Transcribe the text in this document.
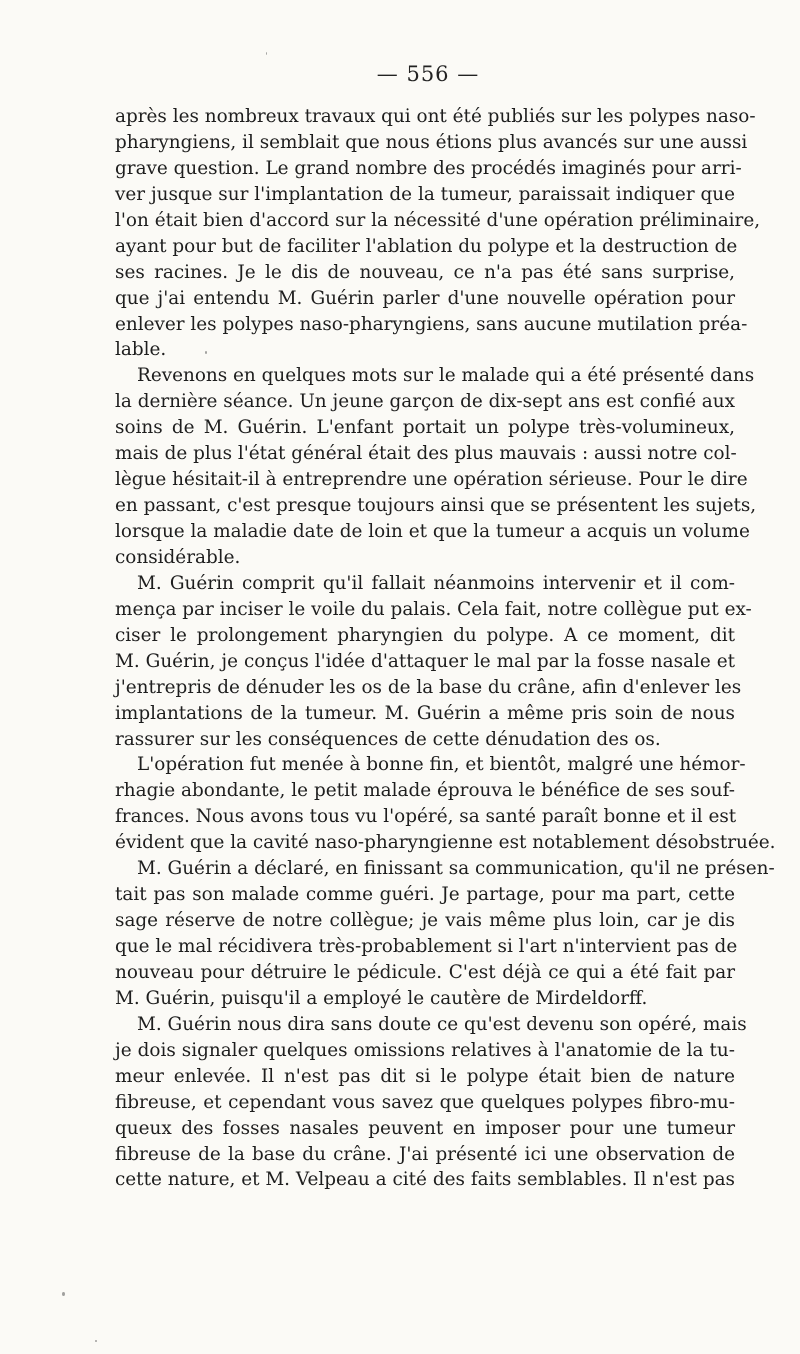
— 556 —
après les nombreux travaux qui ont été publiés sur les polypes naso-
pharyngiens, il semblait que nous étions plus avancés sur une aussi
grave question. Le grand nombre des procédés imaginés pour arri-
ver jusque sur l'implantation de la tumeur, paraissait indiquer que
l'on était bien d'accord sur la nécessité d'une opération préliminaire,
ayant pour but de faciliter l'ablation du polype et la destruction de
ses racines. Je le dis de nouveau, ce n'a pas été sans surprise,
que j'ai entendu M. Guérin parler d'une nouvelle opération pour
enlever les polypes naso-pharyngiens, sans aucune mutilation préa-
lable.
Revenons en quelques mots sur le malade qui a été présenté dans
la dernière séance. Un jeune garçon de dix-sept ans est confié aux
soins de M. Guérin. L'enfant portait un polype très-volumineux,
mais de plus l'état général était des plus mauvais : aussi notre col-
lègue hésitait-il à entreprendre une opération sérieuse. Pour le dire
en passant, c'est presque toujours ainsi que se présentent les sujets,
lorsque la maladie date de loin et que la tumeur a acquis un volume
considérable.
M. Guérin comprit qu'il fallait néanmoins intervenir et il com-
mença par inciser le voile du palais. Cela fait, notre collègue put ex-
ciser le prolongement pharyngien du polype. A ce moment, dit
M. Guérin, je conçus l'idée d'attaquer le mal par la fosse nasale et
j'entrepris de dénuder les os de la base du crâne, afin d'enlever les
implantations de la tumeur. M. Guérin a même pris soin de nous
rassurer sur les conséquences de cette dénudation des os.
L'opération fut menée à bonne fin, et bientôt, malgré une hémor-
rhagie abondante, le petit malade éprouva le bénéfice de ses souf-
frances. Nous avons tous vu l'opéré, sa santé paraît bonne et il est
évident que la cavité naso-pharyngienne est notablement désobstruée.
M. Guérin a déclaré, en finissant sa communication, qu'il ne présen-
tait pas son malade comme guéri. Je partage, pour ma part, cette
sage réserve de notre collègue; je vais même plus loin, car je dis
que le mal récidivera très-probablement si l'art n'intervient pas de
nouveau pour détruire le pédicule. C'est déjà ce qui a été fait par
M. Guérin, puisqu'il a employé le cautère de Mirdeldorff.
M. Guérin nous dira sans doute ce qu'est devenu son opéré, mais
je dois signaler quelques omissions relatives à l'anatomie de la tu-
meur enlevée. Il n'est pas dit si le polype était bien de nature
fibreuse, et cependant vous savez que quelques polypes fibro-mu-
queux des fosses nasales peuvent en imposer pour une tumeur
fibreuse de la base du crâne. J'ai présenté ici une observation de
cette nature, et M. Velpeau a cité des faits semblables. Il n'est pas
